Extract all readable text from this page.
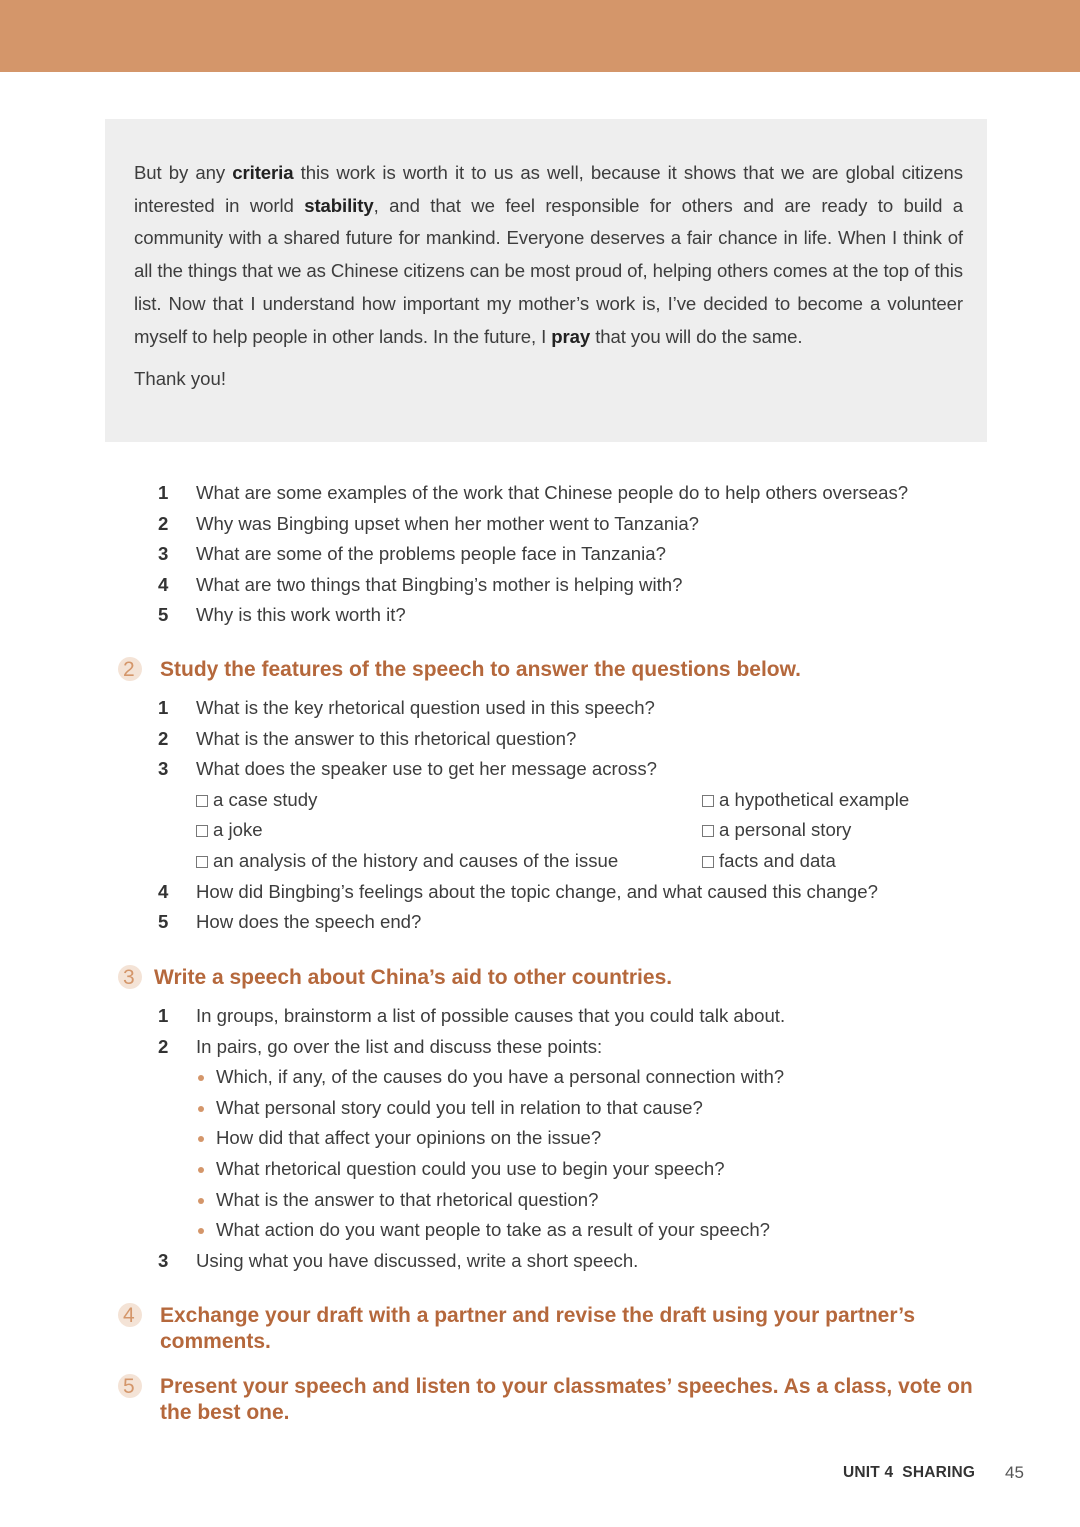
But by any criteria this work is worth it to us as well, because it shows that we are global citizens interested in world stability, and that we feel responsible for others and are ready to build a community with a shared future for mankind. Everyone deserves a fair chance in life. When I think of all the things that we as Chinese citizens can be most proud of, helping others comes at the top of this list. Now that I understand how important my mother’s work is, I’ve decided to become a volunteer myself to help people in other lands. In the future, I pray that you will do the same.

Thank you!

1	What are some examples of the work that Chinese people do to help others overseas?
2	Why was Bingbing upset when her mother went to Tanzania?
3	What are some of the problems people face in Tanzania?
4	What are two things that Bingbing’s mother is helping with?
5	Why is this work worth it?
2 Study the features of the speech to answer the questions below.
1	What is the key rhetorical question used in this speech?
2	What is the answer to this rhetorical question?
3	What does the speaker use to get her message across?
a case study	a hypothetical example
a joke	a personal story
an analysis of the history and causes of the issue	facts and data
4	How did Bingbing’s feelings about the topic change, and what caused this change?
5	How does the speech end?
3 Write a speech about China’s aid to other countries.
1	In groups, brainstorm a list of possible causes that you could talk about.
2	In pairs, go over the list and discuss these points:
Which, if any, of the causes do you have a personal connection with?
What personal story could you tell in relation to that cause?
How did that affect your opinions on the issue?
What rhetorical question could you use to begin your speech?
What is the answer to that rhetorical question?
What action do you want people to take as a result of your speech?
3	Using what you have discussed, write a short speech.
4 Exchange your draft with a partner and revise the draft using your partner’s comments.
5 Present your speech and listen to your classmates’ speeches. As a class, vote on the best one.
UNIT 4  SHARING 45
